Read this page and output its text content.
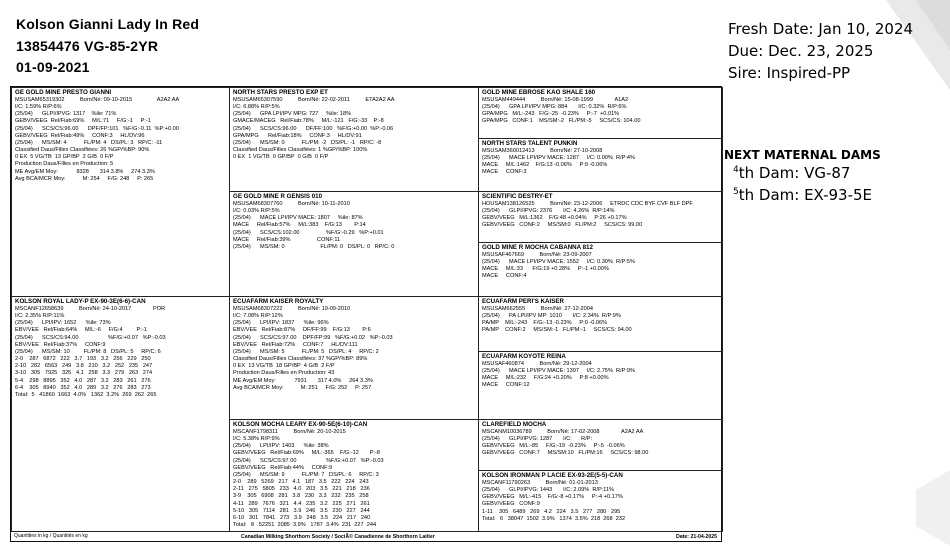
Kolson Gianni Lady In Red
13854476 VG-85-2YR
01-09-2021
Fresh Date: Jan 10, 2024
Due: Dec. 23, 2025
Sire: Inspired-PP
NEXT MATERNAL DAMS
$^4$th Dam: VG-87
$^5$th Dam: EX-93-5E
GE GOLD MINE PRESTO GIANNI
MSUSAM65319302          Born/Né: 09-10-2015                A2A2 AA
I/C: 1.59% R/P:6%
(25/04)      GLPI/IPVG: 1317    %ile: 71%
GEBV/VÉEG  Rel/Fiab:69%     M/L:71     F/G:-1     P:-1
(25/04)      SCS/CS:96.00      DPF/FP:101   %F/G:-0.11  %P:+0.00
GEBV/VÉEG  Rel/Fiab:49%     CONF:3     HL/DV:96
(25/04)      MS/SM: 4           FL/PM: 4   DS/PL: 3   RP/C: -11
Classified Daus/Filles Classifiées: 26 %GP/%BP: 90%
0 EX  5 VG/TB  13 GP/BP  2 G/B  0 F/P
Production Daus/Filles en Production: 5
ME Avg/EM Moy:            8328       314 3.8%     274 3.3%
Avg BCA/MCR Moy:           M: 254     F/G: 248     P: 265
NORTH STARS PRESTO EXP ET
MSUSAM65307590          Born/Né: 22-02-2011          ETA2A2 AA
I/C: 6.88% R/P:5%
(25/04)      GPA LPI/IPV MPG: 727     %ile: 18%
GMACE/MACEG   Rel/Fiab:78%     M/L:-121   F/G:-33    P:-8
(25/04)      SCS/CS:96.00      DF/FF:100   %F/G:+0.00  %P:-0.06
GPA/MPG      Rel/Fiab:18%     CONF:3     HL/DV:91
(25/04)      MS/SM: 0           FL/PM: -2   DS/PL: -1   RP/C: -8
Classified Daus/Filles Classifiées: 1 %GP/%BP: 100%
0 EX  1 VG/TB  0 GP/BP  0 G/B  0 F/P
GOLD MINE EBROSE KAO SHALE 160
MSUSAM449444          Born/Né: 15-08-1999              A1A2
(25/04)      GPA LPI/IPV MPG: 884       I/C: 0.32%  R/P:6%
GPA/MPG   M/L:-243   F/G:-25  -0.23%     P:-7  +0.01%
GPA/MPG   CONF:1    MS/SM:-2   FL/PM:-5     SCS/CS: 104.00
NORTH STARS TALENT PUNKIN
MSUSAM360012413          Born/Né: 27-10-2008
(25/04)      MACE LPI/IPV MACE: 1287     I/C: 0.00%  R/P:4%
MACE     M/L:1462    F/G:13 -0.06%     P:9 -0.06%
MACE     CONF:3
GE GOLD MINE R GENSIS 010
MSUSAM68307760          Born/Né: 10-11-2010
I/C: 0.03% R/P:5%
(25/04)      MACE LPI/IPV MACE: 1807     %ile: 87%
MACE     Rel/Fiab:57%     M/L:383    F/G:13        P:14
(25/04)      SCS/CS:102.00                 %F/G:-0.29   %P:+0.01
MACE     Rel/Fiab:39%                 CONF:11
(25/04)      MS/SM: 0                       FL/PM: 0   DS/PL: 0   RP/C: 0
SCIENTIFIC DESTRY-ET
HOUSAM138126525          Born/Né: 23-12-2006     ETRDC CDC BYF CVF BLF DPF
(25/04)      GLPI/IPVG: 2376       I/C: 4.26%  R/P:14%
GEBV/VÉEG   M/L:1362    F/G:48 +0.04%     P:26 +0.17%
GEBV/VÉEG   CONF:2     MS/SM:0   FL/PM:2     SCS/CS: 99.00
GOLD MINE R MOCHA CABANNA 812
MSUSAF467669          Born/Né: 23-09-2007
(25/04)      MACE LPI/IPV MACE: 1552     I/C: 0.30%  R/P:5%
MACE     M/L:33      F/G:19 +0.28%     P:-1 +0.00%
MACE     CONF:4
KOLSON ROYAL LADY-P EX-90-3E(6-6)-CAN
MSCANF12658639          Born/Né: 24-10-2017              POR
I/C: 2.35% R/P:11%
(25/04)      LPI/IPV: 1652      %ile: 73%
EBV/VÉE   Rel/Fiab:64%     M/L:-6     F/G:4         P:-1
(25/04)      SCS/CS:94.00                   %F/G:+0.07   %P:-0.03
EBV/VÉE   Rel/Fiab:37%     CONF:9
(25/04)      MS/SM: 10         FL/PM: 8   DS/PL: 5     RP/C: 6
2-0    287   6872   222   3.7   193   3.2   256   229   250
2-10   282   6563   249   3.8   210   3.2   252   235   247
3-10   305   7925   325   4.1   258   3.3   279   263   274
5-4    298   8895   352   4.0   287   3.2   283   261   276
6-4    305   8940   352   4.0   289   3.2   276   283   273
Total:  5   41860  1663  4.0%   1362  3.2%  269  262  265
ECUAFARM KAISER ROYALTY
MSUSAM68307222          Born/Né: 19-09-2010
I/C: 7.08% R/P:12%
(25/04)      LPI/IPV: 1837      %ile: 96%
EBV/VÉE   Rel/Fiab:87%     DF/FF:99    F/G:13        P:6
(25/04)      SCS/CS:97.00    DPF/FP:99   %F/G:+0.02   %P:-0.03
EBV/VÉE   Rel/Fiab:72%     CONF:7     HL/DV:111
(25/04)      MS/SM: 5           FL/PM: 5   DS/PL: 4     RP/C: 2
Classified Daus/Filles Classifiées: 37 %GP/%BP: 89%
0 EX  13 VG/TB  18 GP/BP  4 G/B  2 F/P
Production Daus/Filles en Production: 43
ME Avg/EM Moy:            7931       317 4.0%     264 3.3%
Avg BCA/MCR Moy:           M: 251     F/G: 252     P: 257
ECUAFARM PERI'S KAISER
MSUSAM662555          Born/Né: 27-12-2004
(25/04)      PA LPI/IPV MP: 1010       I/C: 2.34%  R/P:9%
PA/MP    M/L:-243    F/G:-13 -0.23%     P:0 -0.06%
PA/MP    CONF:2     MS/SM:-1   FL/PM:-1     SCS/CS: 94.00
ECUAFARM KOYOTE REINA
MSUSAF460874          Born/Né: 29-12-2004
(25/04)      MACE LPI/IPV MACE: 1397     I/C: 2.75%  R/P:9%
MACE     M/L:232     F/G:24 +0.20%     P:8 +0.00%
MACE     CONF:12
KOLSON MOCHA LEARY EX-90-5E(6-10)-CAN
MSCANF1798311          Born/Né: 20-10-2015
I/C: 5.38% R/P:9%
(25/04)      LPI/IPV: 1403      %ile: 38%
GEBV/VÉEG   Rel/Fiab:69%     M/L:-365    F/G:-12       P:-8
(25/04)      SCS/CS:97.00                   %F/G:+0.07   %P:-0.03
GEBV/VÉEG   Rel/Fiab:44%     CONF:9
(25/04)      MS/SM: 9           FL/PM: 7   DS/PL: 6     RP/C: 3
2-0    289   5269   217   4.1   187   3.5   222   224   243
2-11   275   5805   233   4.0   203   3.5   221   218   236
3-9    305   6908   281   3.8   230   3.3   232   235   258
4-11   289   7676   321   4.4   235   3.2   225   271   261
5-10   305   7114   281   3.9   246   3.5   230   227   244
6-10   301   7841   273   3.9   248   3.5   224   217   240
Total:   8   52251  2085  3.9%   1787  3.4%  231  227  244
CLAREFIELD MOCHA
MSCANM10036789          Born/Né: 17-02-2008              A2A2 AA
(25/04)      GLPI/IPVG: 1287       I/C:      R/P:
GEBV/VÉEG   M/L:-85     F/G:-19  -0.23%     P:-5  -0.06%
GEBV/VÉEG   CONF:7     MS/SM:10   FL/PM:16     SCS/CS: 98.00
KOLSON IRONMAN P LACIE EX-93-2E(5-5)-CAN
MSCANF11790263          Born/Né: 01-01-2013
(25/04)      GLPI/IPVG: 1443       I/C: 2.09%  R/P:11%
GEBV/VÉEG   M/L:-415    F/G:-8 +0.17%     P:-4 +0.17%
GEBV/VÉEG   CONF:9
1-11    305   6489   269   4.2   224   3.5   277   280   295
Total:   6   38047  1502  3.9%   1374  3.5%  218  268  232
Quantities in kg / Quantités en kg	Canadian Milking Shorthorn Society / SociÃ© Canadienne de Shorthorn Laitier	Date: 21-04-2025
